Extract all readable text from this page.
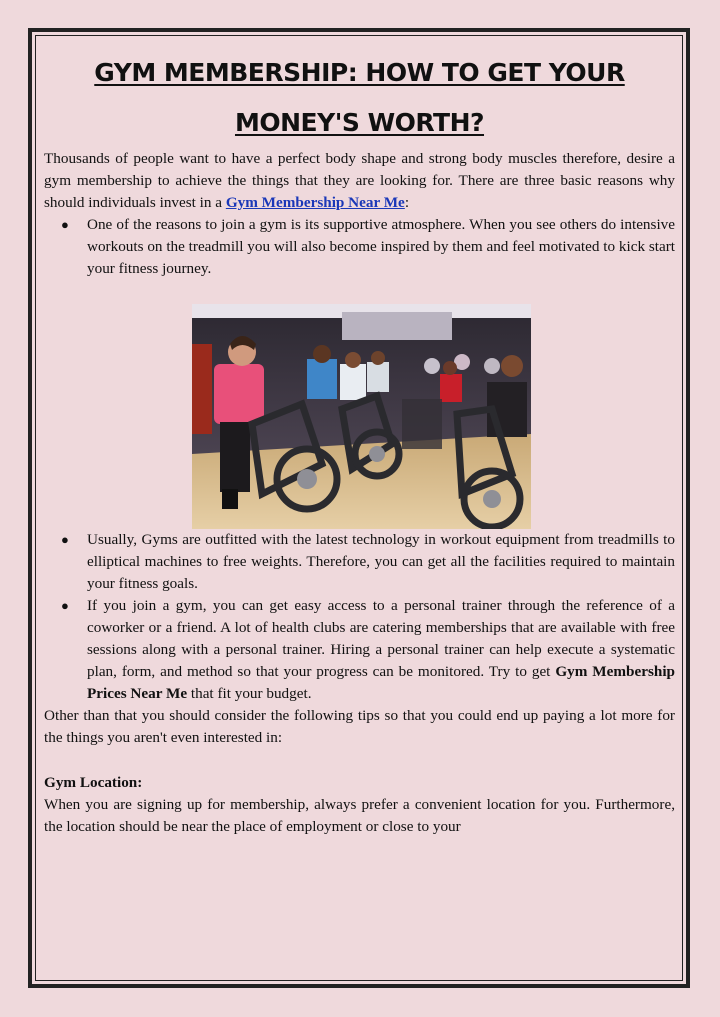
GYM MEMBERSHIP: HOW TO GET YOUR MONEY'S WORTH?

Thousands of people want to have a perfect body shape and strong body muscles therefore, desire a gym membership to achieve the things that they are looking for. There are three basic reasons why should individuals invest in a Gym Membership Near Me:

● One of the reasons to join a gym is its supportive atmosphere. When you see others do intensive workouts on the treadmill you will also become inspired by them and feel motivated to kick start your fitness journey.
● Usually, Gyms are outfitted with the latest technology in workout equipment from treadmills to elliptical machines to free weights. Therefore, you can get all the facilities required to maintain your fitness goals.
● If you join a gym, you can get easy access to a personal trainer through the reference of a coworker or a friend. A lot of health clubs are catering memberships that are available with free sessions along with a personal trainer. Hiring a personal trainer can help execute a systematic plan, form, and method so that your progress can be monitored. Try to get Gym Membership Prices Near Me that fit your budget.

Other than that you should consider the following tips so that you could end up paying a lot more for the things you aren't even interested in:

Gym Location:

When you are signing up for membership, always prefer a convenient location for you. Furthermore, the location should be near the place of employment or close to your
